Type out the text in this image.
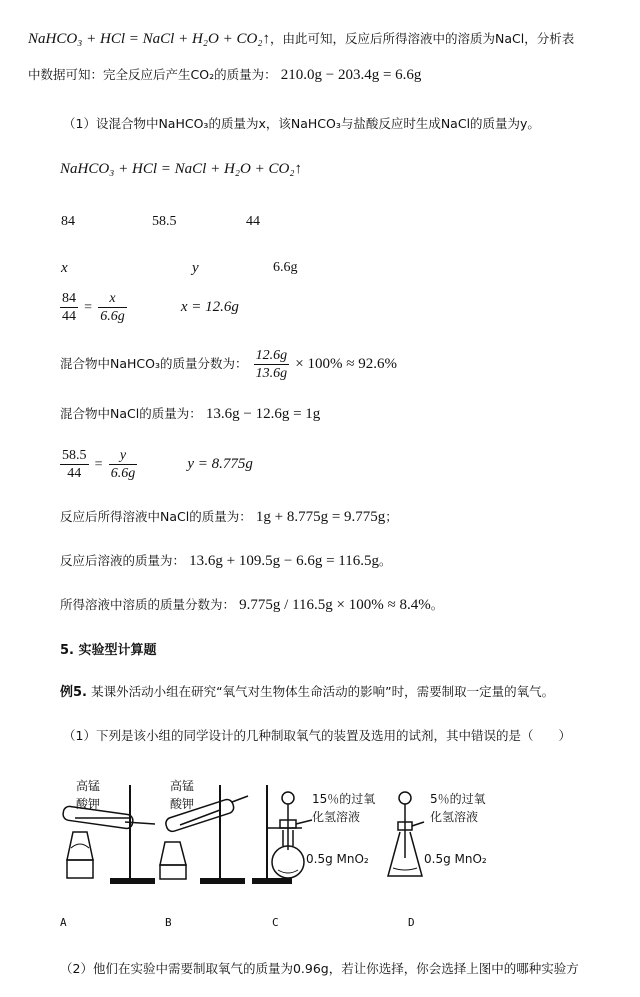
NaHCO₃ + HCl = NaCl + H₂O + CO₂↑，由此可知，反应后所得溶液中的溶质为NaCl，分析表
中数据可知：完全反应后产生CO₂的质量为： 210.0g − 203.4g = 6.6g
（1）设混合物中NaHCO₃的质量为x，该NaHCO₃与盐酸反应时生成NaCl的质量为y。
NaHCO₃ + HCl = NaCl + H₂O + CO₂↑
84	58.5	44
x	y	6.6g
$\frac{84}{44} = \frac{x}{6.6g}$	x = 12.6g
混合物中NaHCO₃的质量分数为： $\frac{12.6g}{13.6g} \times 100\% \approx 92.6\%$
混合物中NaCl的质量为： 13.6g − 12.6g = 1g
$\frac{58.5}{44} = \frac{y}{6.6g}$	y = 8.775g
反应后所得溶液中NaCl的质量为： 1g + 8.775g = 9.775g；
反应后溶液的质量为： 13.6g + 109.5g − 6.6g = 116.5g。
所得溶液中溶质的质量分数为： 9.775g / 116.5g × 100% ≈ 8.4%。
5. 实验型计算题
例5. 某课外活动小组在研究“氧气对生物体生命活动的影响”时，需要制取一定量的氧气。
（1）下列是该小组的同学设计的几种制取氧气的装置及选用的试剂，其中错误的是（　　）
高锰
酸钾
高锰
酸钾	15％的过氧
化氢溶液
0.5g MnO₂
5％的过氧
化氢溶液
0.5g MnO₂
A	B	C	D
（2）他们在实验中需要制取氧气的质量为0.96g，若让你选择，你会选择上图中的哪种实验方
